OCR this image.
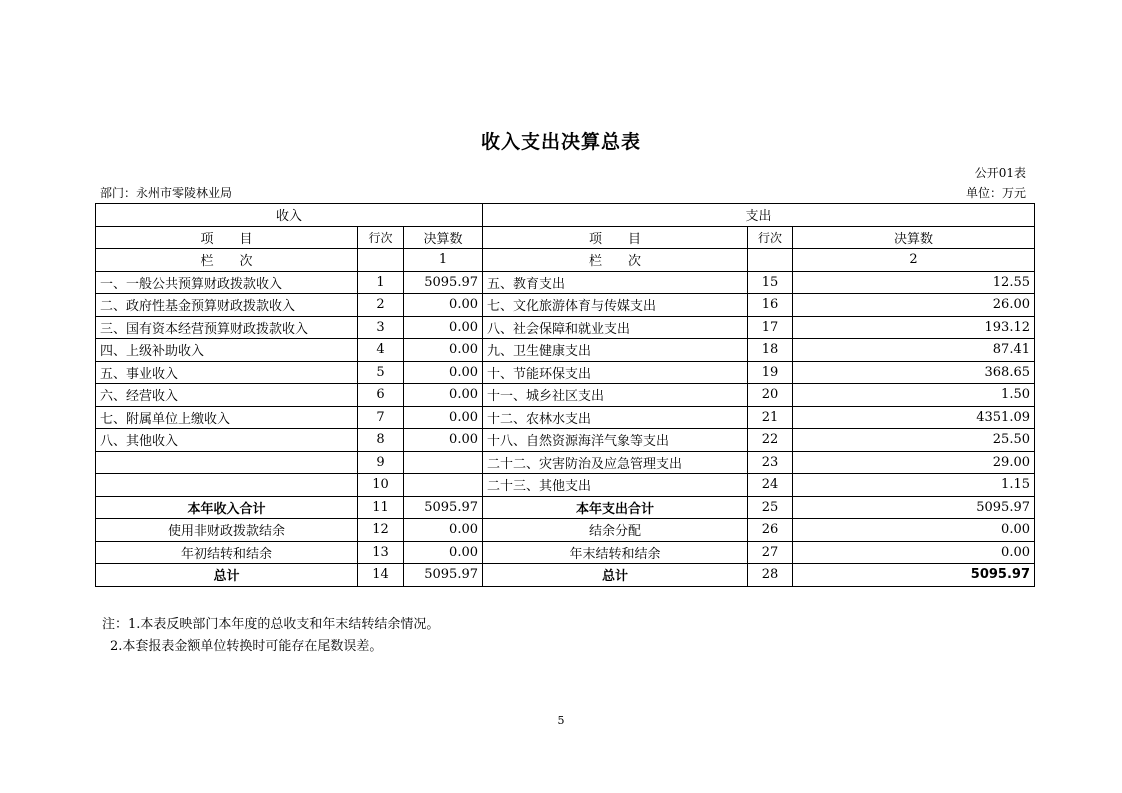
收入支出决算总表
公开01表
部门：永州市零陵林业局	单位：万元
收入			支出		
项　　目	行次	决算数	项　　目	行次	决算数
栏　　次		1	栏　　次		2
一、一般公共预算财政拨款收入	1	5095.97	五、教育支出	15	12.55
二、政府性基金预算财政拨款收入	2	0.00	七、文化旅游体育与传媒支出	16	26.00
三、国有资本经营预算财政拨款收入	3	0.00	八、社会保障和就业支出	17	193.12
四、上级补助收入	4	0.00	九、卫生健康支出	18	87.41
五、事业收入	5	0.00	十、节能环保支出	19	368.65
六、经营收入	6	0.00	十一、城乡社区支出	20	1.50
七、附属单位上缴收入	7	0.00	十二、农林水支出	21	4351.09
八、其他收入	8	0.00	十八、自然资源海洋气象等支出	22	25.50
	9		二十二、灾害防治及应急管理支出	23	29.00
	10		二十三、其他支出	24	1.15
本年收入合计	11	5095.97	本年支出合计	25	5095.97
使用非财政拨款结余	12	0.00	结余分配	26	0.00
年初结转和结余	13	0.00	年末结转和结余	27	0.00
总计	14	5095.97	总计	28	5095.97
注：1.本表反映部门本年度的总收支和年末结转结余情况。
2.本套报表金额单位转换时可能存在尾数误差。
5
